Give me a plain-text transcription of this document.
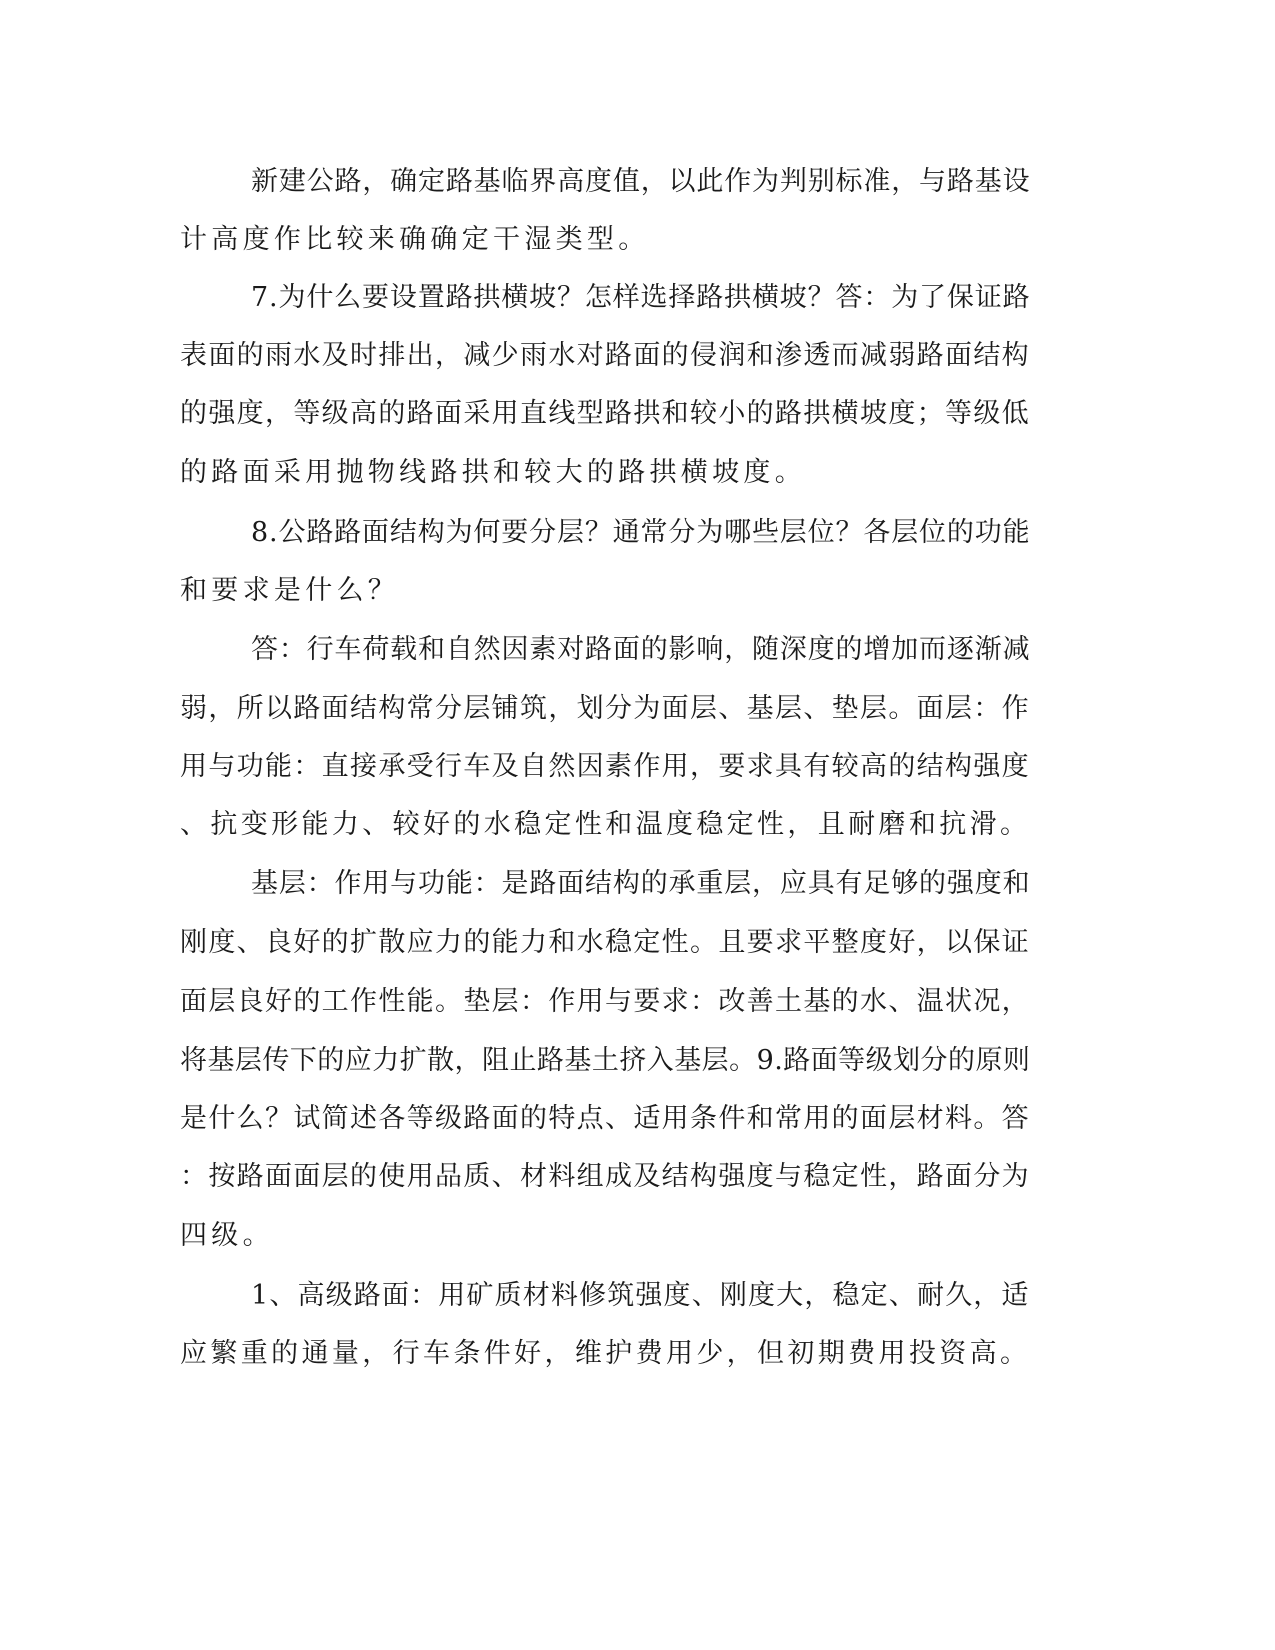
新建公路，确定路基临界高度值，以此作为判别标准，与路基设
计高度作比较来确确定干湿类型。
7.为什么要设置路拱横坡？怎样选择路拱横坡？答：为了保证路
表面的雨水及时排出，减少雨水对路面的侵润和渗透而减弱路面结构
的强度，等级高的路面采用直线型路拱和较小的路拱横坡度；等级低
的路面采用抛物线路拱和较大的路拱横坡度。
8.公路路面结构为何要分层？通常分为哪些层位？各层位的功能
和要求是什么？
答：行车荷载和自然因素对路面的影响，随深度的增加而逐渐减
弱，所以路面结构常分层铺筑，划分为面层、基层、垫层。面层：作
用与功能：直接承受行车及自然因素作用，要求具有较高的结构强度
、抗变形能力、较好的水稳定性和温度稳定性，且耐磨和抗滑。
基层：作用与功能：是路面结构的承重层，应具有足够的强度和
刚度、良好的扩散应力的能力和水稳定性。且要求平整度好，以保证
面层良好的工作性能。垫层：作用与要求：改善土基的水、温状况，
将基层传下的应力扩散，阻止路基土挤入基层。9.路面等级划分的原则
是什么？试简述各等级路面的特点、适用条件和常用的面层材料。答
：按路面面层的使用品质、材料组成及结构强度与稳定性，路面分为
四级。
1、高级路面：用矿质材料修筑强度、刚度大，稳定、耐久，适
应繁重的通量，行车条件好，维护费用少，但初期费用投资高。
